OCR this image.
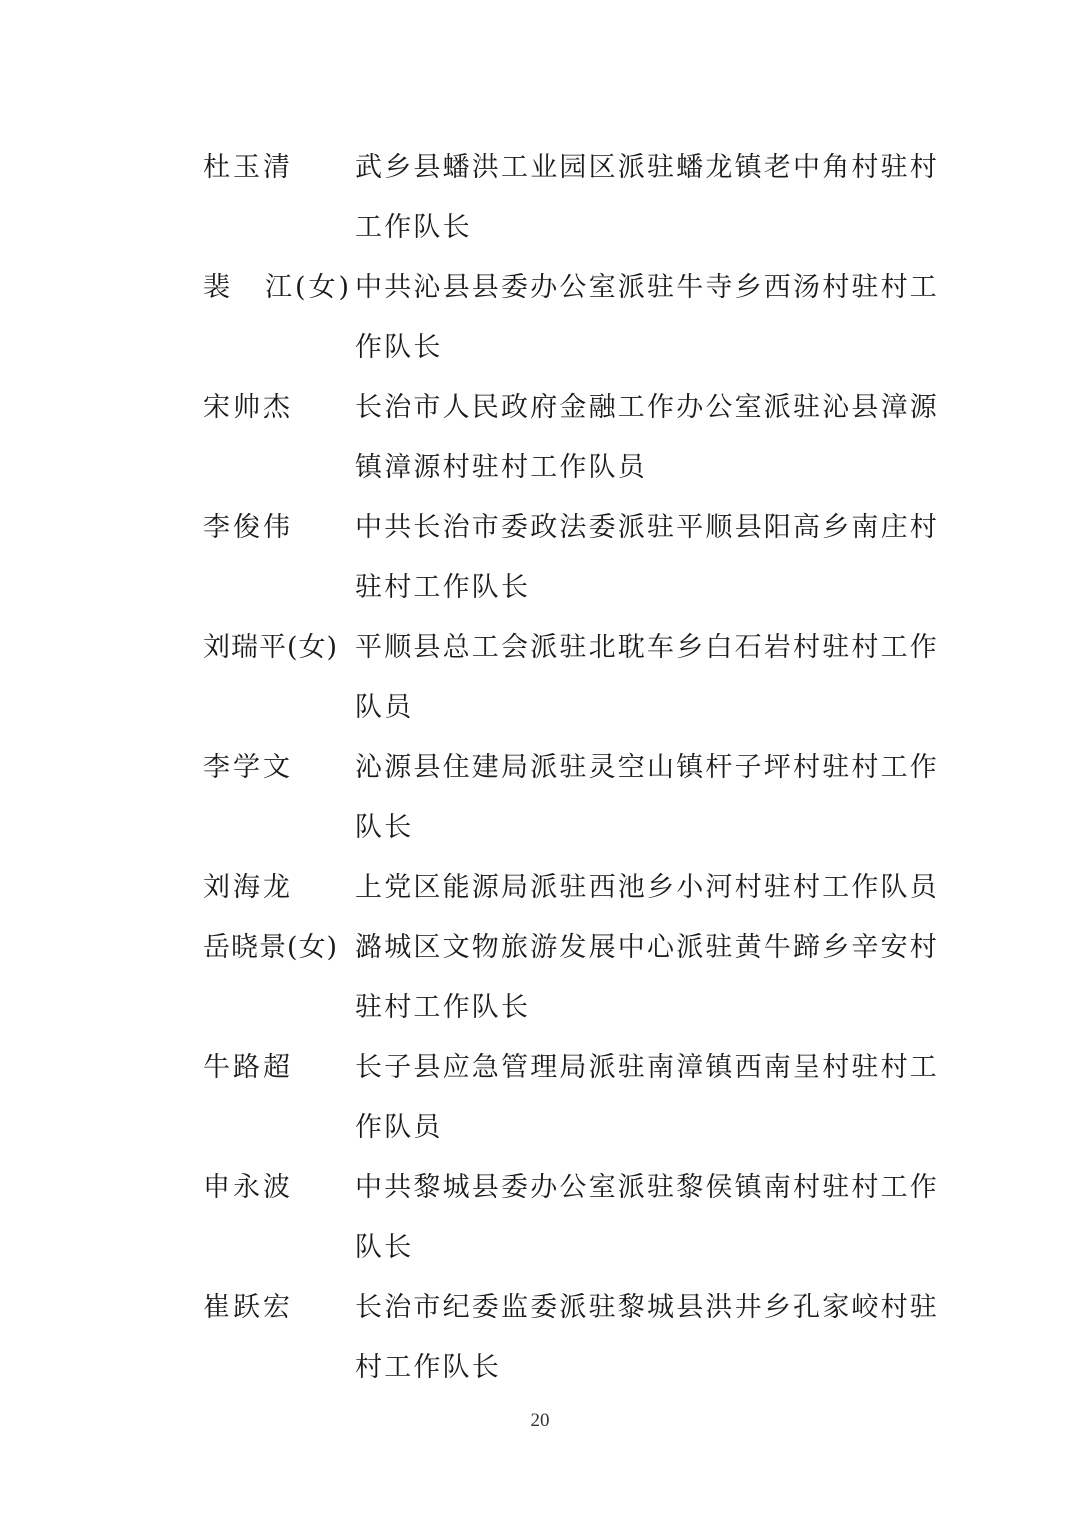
杜玉清	武乡县蟠洪工业园区派驻蟠龙镇老中角村驻村
工作队长
裴 江(女) 中共沁县县委办公室派驻牛寺乡西汤村驻村工
作队长
宋帅杰	长治市人民政府金融工作办公室派驻沁县漳源
镇漳源村驻村工作队员
李俊伟	中共长治市委政法委派驻平顺县阳高乡南庄村
驻村工作队长
刘瑞平(女) 平顺县总工会派驻北耽车乡白石岩村驻村工作
队员
李学文	沁源县住建局派驻灵空山镇杆子坪村驻村工作
队长
刘海龙	上党区能源局派驻西池乡小河村驻村工作队员
岳晓景(女) 潞城区文物旅游发展中心派驻黄牛蹄乡辛安村
驻村工作队长
牛路超	长子县应急管理局派驻南漳镇西南呈村驻村工
作队员
申永波	中共黎城县委办公室派驻黎侯镇南村驻村工作
队长
崔跃宏	长治市纪委监委派驻黎城县洪井乡孔家峧村驻
村工作队长
20
